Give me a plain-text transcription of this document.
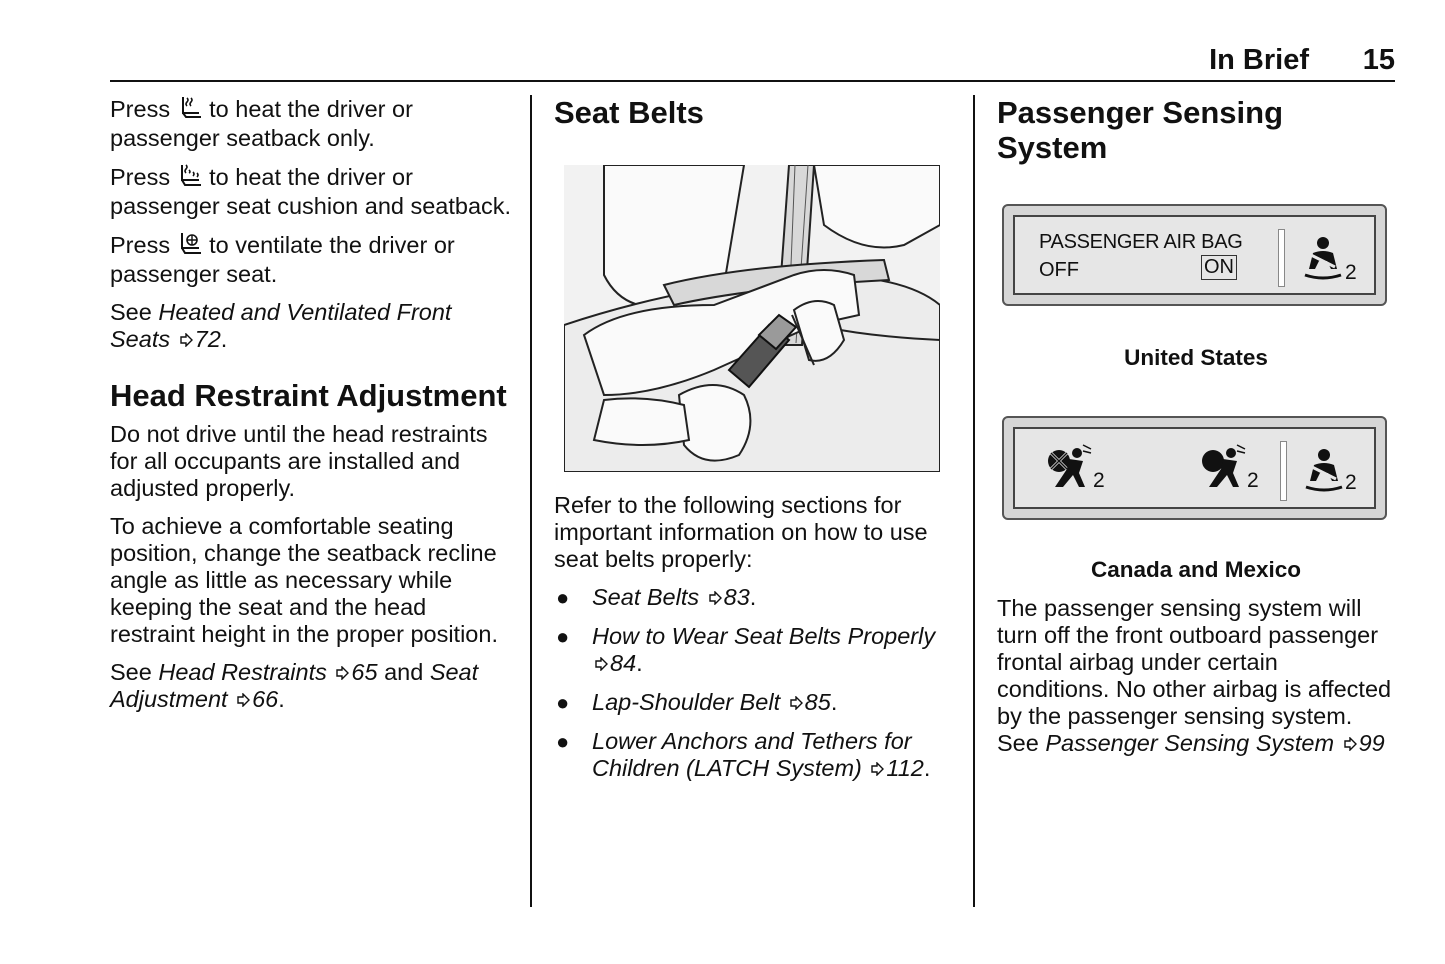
In Brief 15

Press to heat the driver or passenger seatback only.

Press to heat the driver or passenger seat cushion and seatback.

Press to ventilate the driver or passenger seat.

See Heated and Ventilated Front Seats 72.

Head Restraint Adjustment

Do not drive until the head restraints for all occupants are installed and adjusted properly.

To achieve a comfortable seating position, change the seatback recline angle as little as necessary while keeping the seat and the head restraint height in the proper position.

See Head Restraints 65 and Seat Adjustment 66.

Seat Belts

Refer to the following sections for important information on how to use seat belts properly:

● Seat Belts 83.
● How to Wear Seat Belts Properly 84.
● Lap-Shoulder Belt 85.
● Lower Anchors and Tethers for Children (LATCH System) 112.
Passenger Sensing System
PASSENGER AIR BAG
OFF	ON	2
United States
2	2	2
Canada and Mexico

The passenger sensing system will turn off the front outboard passenger frontal airbag under certain conditions. No other airbag is affected by the passenger sensing system. See Passenger Sensing System 99
